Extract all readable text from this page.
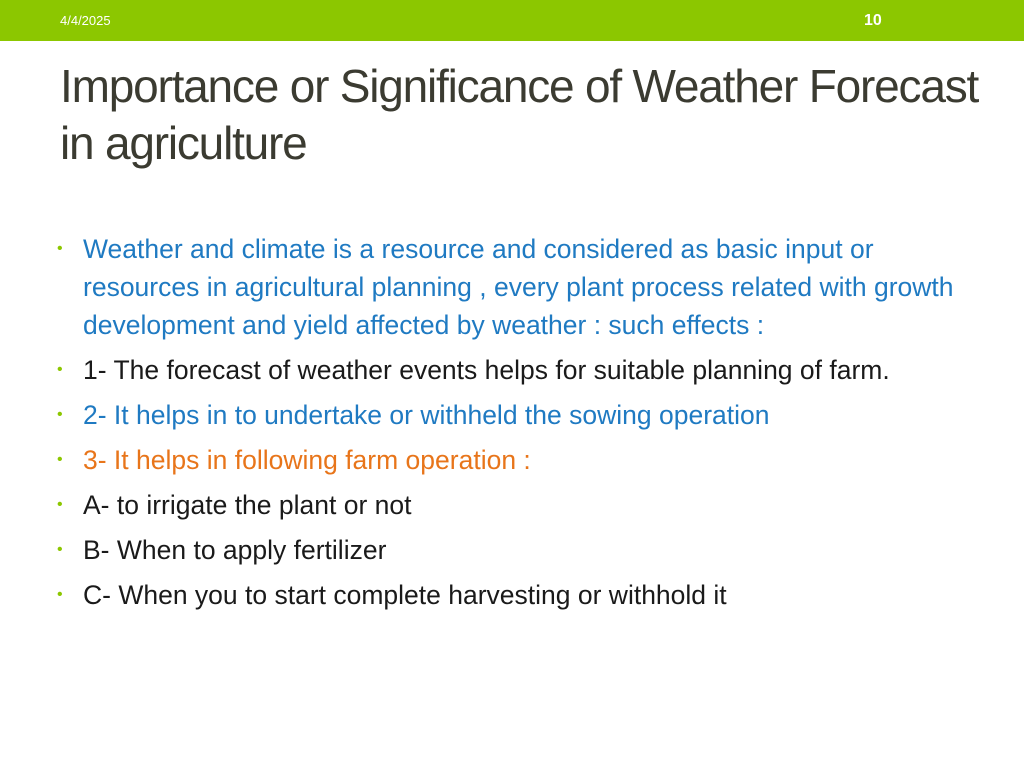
4/4/2025	10
Importance or Significance of Weather Forecast in agriculture
• Weather and climate is a resource and considered as basic input or resources in agricultural planning , every plant process related with growth development and yield affected by weather : such effects :
• 1- The forecast of weather events helps for suitable planning of farm.
• 2- It helps in to undertake or withheld the sowing operation
• 3- It helps in following farm operation :
• A- to irrigate the plant or not
• B- When to apply fertilizer
• C- When you to start complete harvesting or withhold it
